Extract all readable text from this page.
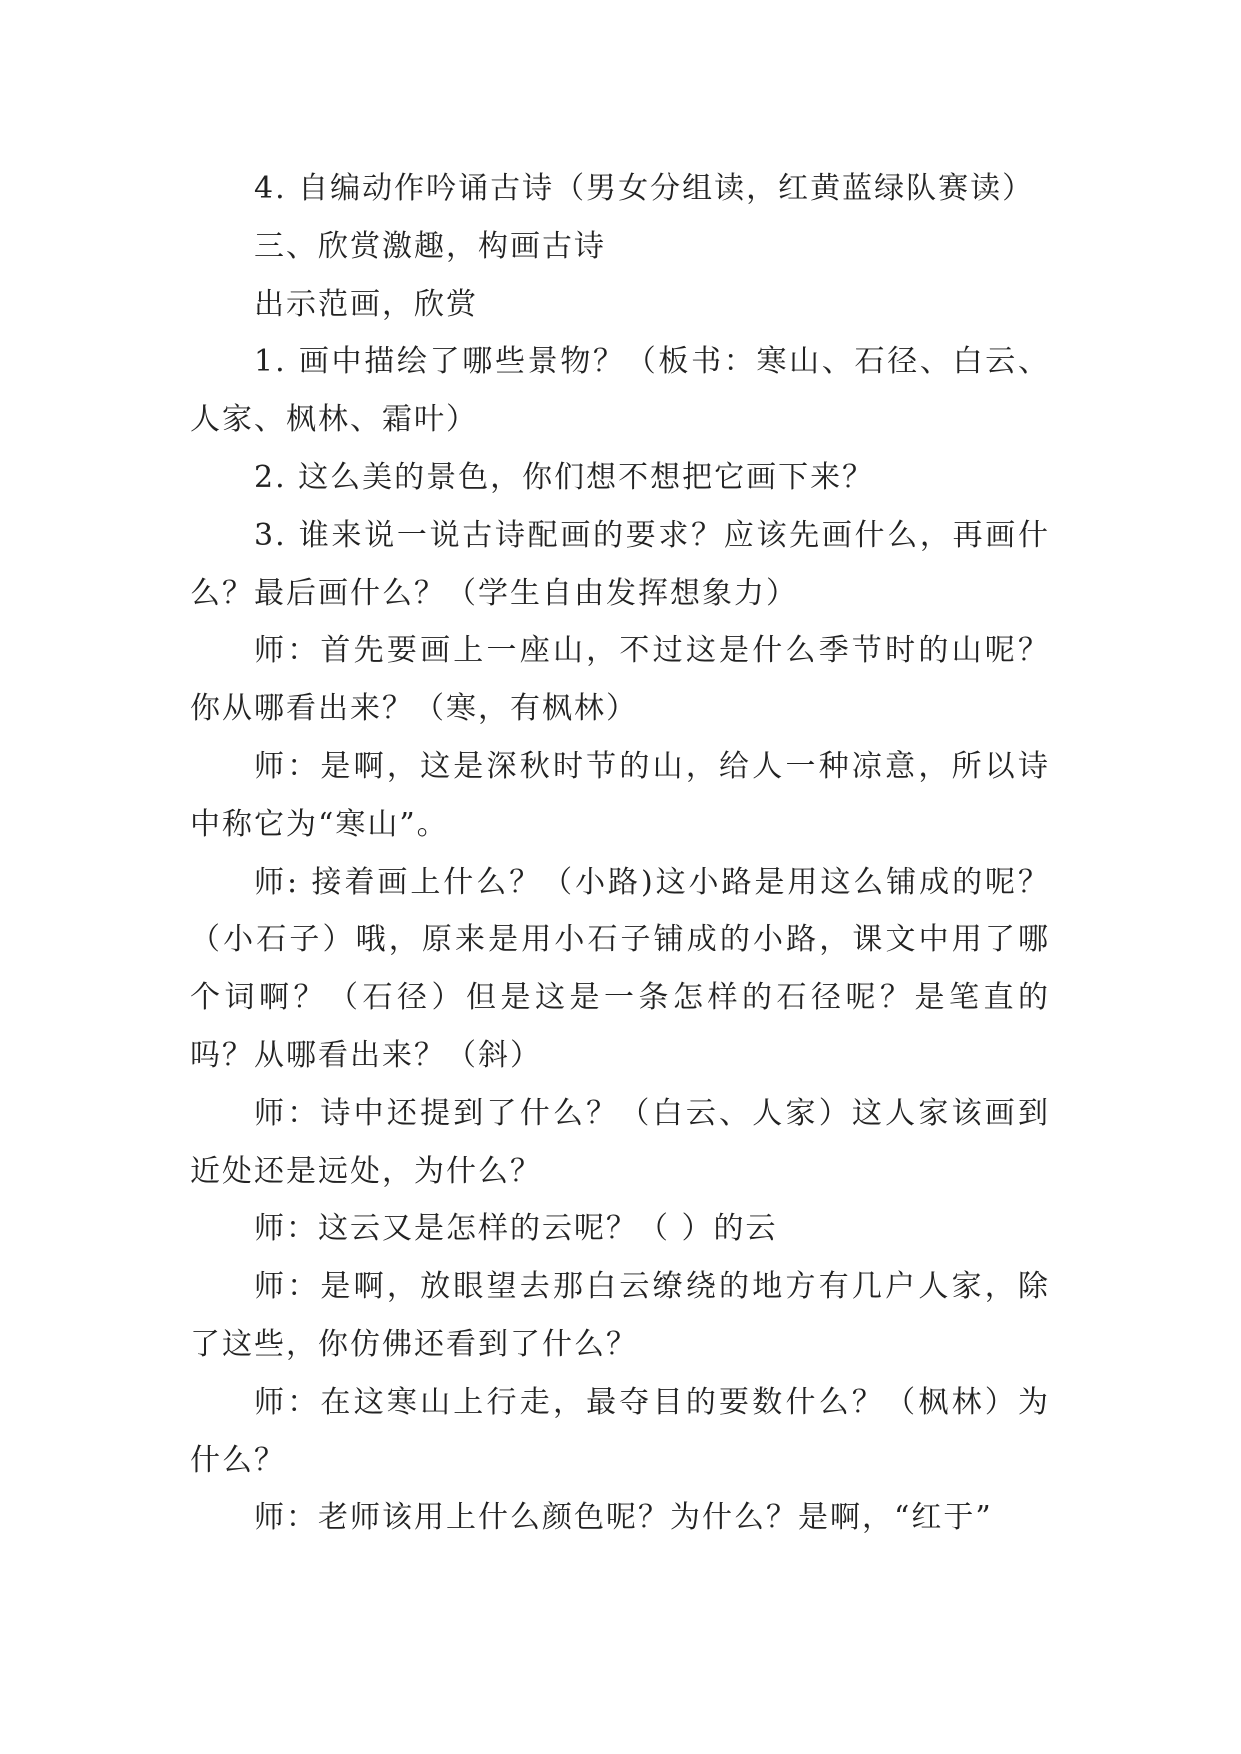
4. 自编动作吟诵古诗（男女分组读，红黄蓝绿队赛读）

三、欣赏激趣，构画古诗

出示范画，欣赏

1. 画中描绘了哪些景物？（板书：寒山、石径、白云、人家、枫林、霜叶）

2. 这么美的景色，你们想不想把它画下来？

3. 谁来说一说古诗配画的要求？应该先画什么，再画什么？最后画什么？（学生自由发挥想象力）

师：首先要画上一座山，不过这是什么季节时的山呢？你从哪看出来？（寒，有枫林）

师：是啊，这是深秋时节的山，给人一种凉意，所以诗中称它为“寒山”。

师: 接着画上什么？（小路)这小路是用这么铺成的呢？（小石子）哦，原来是用小石子铺成的小路，课文中用了哪个词啊？（石径）但是这是一条怎样的石径呢？是笔直的吗？从哪看出来？（斜）

师：诗中还提到了什么？（白云、人家）这人家该画到近处还是远处，为什么？

师：这云又是怎样的云呢？（ ）的云

师：是啊，放眼望去那白云缭绕的地方有几户人家，除了这些，你仿佛还看到了什么？

师：在这寒山上行走，最夺目的要数什么？（枫林）为什么？

师：老师该用上什么颜色呢？为什么？是啊，“红于”
